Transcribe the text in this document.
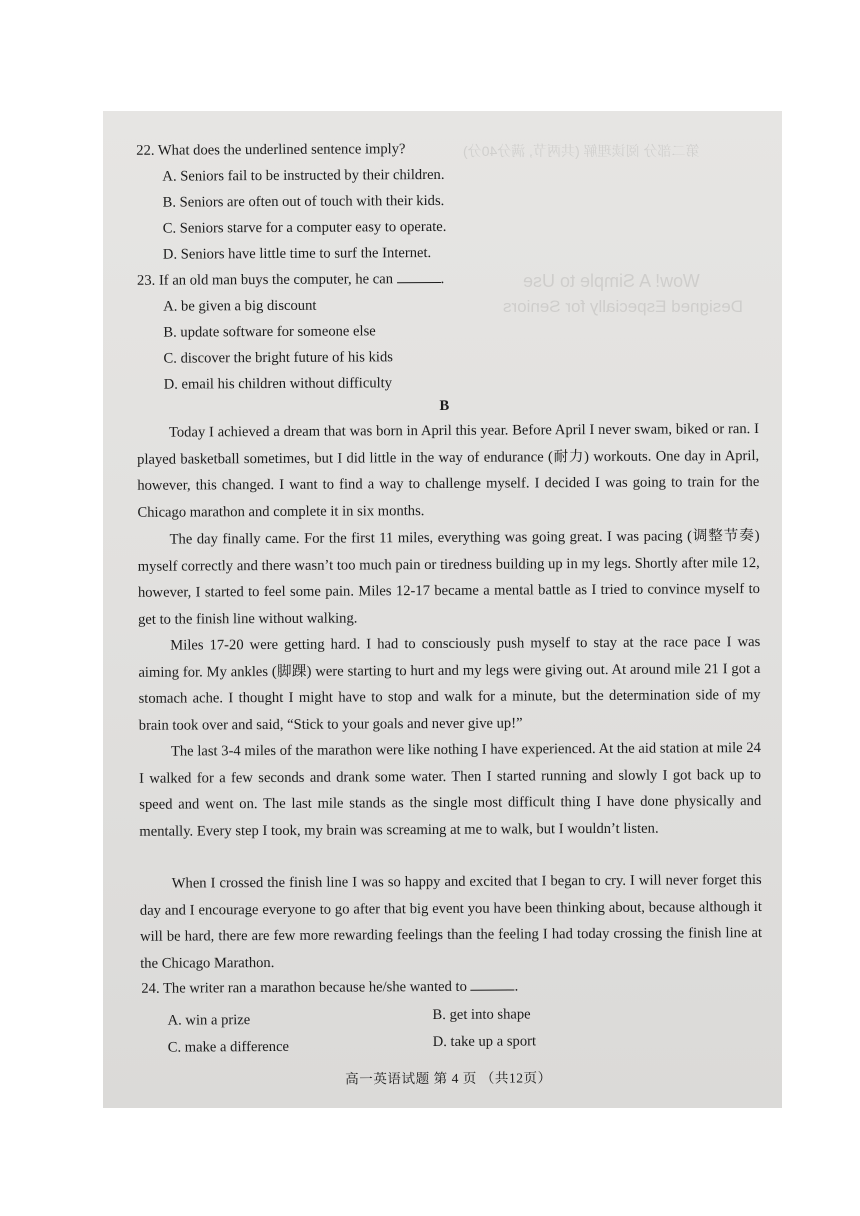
第二部分 阅读理解 (共两节, 满分40分)
Wow! A Simple to Use
Designed Especially for Seniors
22. What does the underlined sentence imply?
A. Seniors fail to be instructed by their children.
B. Seniors are often out of touch with their kids.
C. Seniors starve for a computer easy to operate.
D. Seniors have little time to surf the Internet.
23. If an old man buys the computer, he can	.
A. be given a big discount
B. update software for someone else
C. discover the bright future of his kids
D. email his children without difficulty
B

Today I achieved a dream that was born in April this year. Before April I never swam, biked or ran. I played basketball sometimes, but I did little in the way of endurance (耐力) workouts. One day in April, however, this changed. I want to find a way to challenge myself. I decided I was going to train for the Chicago marathon and complete it in six months.

The day finally came. For the first 11 miles, everything was going great. I was pacing (调整节奏) myself correctly and there wasn’t too much pain or tiredness building up in my legs. Shortly after mile 12, however, I started to feel some pain. Miles 12-17 became a mental battle as I tried to convince myself to get to the finish line without walking.

Miles 17-20 were getting hard. I had to consciously push myself to stay at the race pace I was aiming for. My ankles (脚踝) were starting to hurt and my legs were giving out. At around mile 21 I got a stomach ache. I thought I might have to stop and walk for a minute, but the determination side of my brain took over and said, “Stick to your goals and never give up!”

The last 3-4 miles of the marathon were like nothing I have experienced. At the aid station at mile 24 I walked for a few seconds and drank some water. Then I started running and slowly I got back up to speed and went on. The last mile stands as the single most difficult thing I have done physically and mentally. Every step I took, my brain was screaming at me to walk, but I wouldn’t listen.

When I crossed the finish line I was so happy and excited that I began to cry. I will never forget this day and I encourage everyone to go after that big event you have been thinking about, because although it will be hard, there are few more rewarding feelings than the feeling I had today crossing the finish line at the Chicago Marathon.

24. The writer ran a marathon because he/she wanted to	.
A. win a prize	B. get into shape
C. make a difference	D. take up a sport
高一英语试题 第 4 页 （共12页）
